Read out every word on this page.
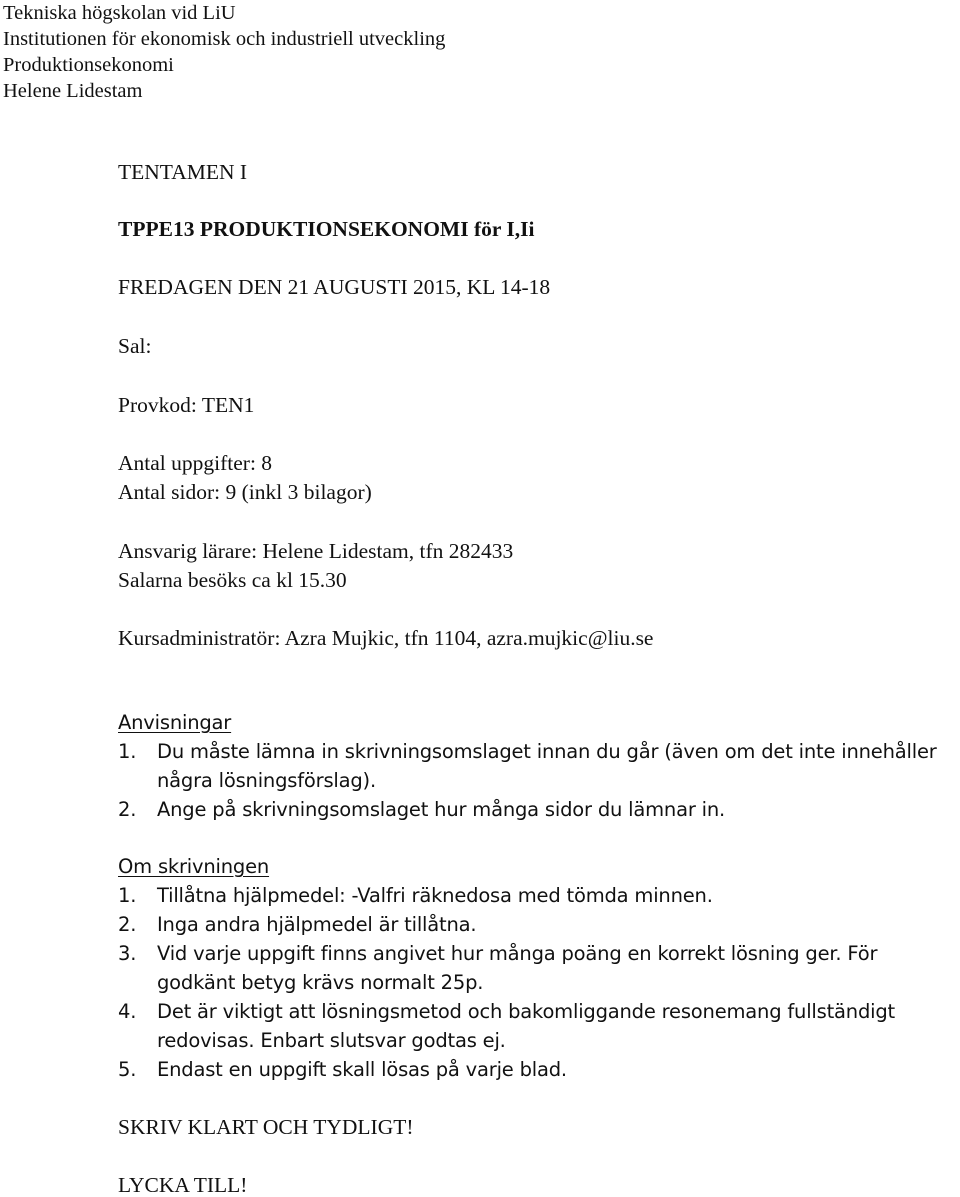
Tekniska högskolan vid LiU
Institutionen för ekonomisk och industriell utveckling
Produktionsekonomi
Helene Lidestam
TENTAMEN I
TPPE13 PRODUKTIONSEKONOMI för I,Ii
FREDAGEN DEN 21 AUGUSTI 2015, KL 14-18
Sal:
Provkod: TEN1
Antal uppgifter: 8
Antal sidor: 9 (inkl 3 bilagor)
Ansvarig lärare: Helene Lidestam, tfn 282433
Salarna besöks ca kl 15.30
Kursadministratör: Azra Mujkic, tfn 1104, azra.mujkic@liu.se
Anvisningar
1. Du måste lämna in skrivningsomslaget innan du går (även om det inte innehåller
några lösningsförslag).
2. Ange på skrivningsomslaget hur många sidor du lämnar in.
Om skrivningen
1. Tillåtna hjälpmedel: -Valfri räknedosa med tömda minnen.
2. Inga andra hjälpmedel är tillåtna.
3. Vid varje uppgift finns angivet hur många poäng en korrekt lösning ger. För
godkänt betyg krävs normalt 25p.
4. Det är viktigt att lösningsmetod och bakomliggande resonemang fullständigt
redovisas. Enbart slutsvar godtas ej.
5. Endast en uppgift skall lösas på varje blad.
SKRIV KLART OCH TYDLIGT!
LYCKA TILL!
